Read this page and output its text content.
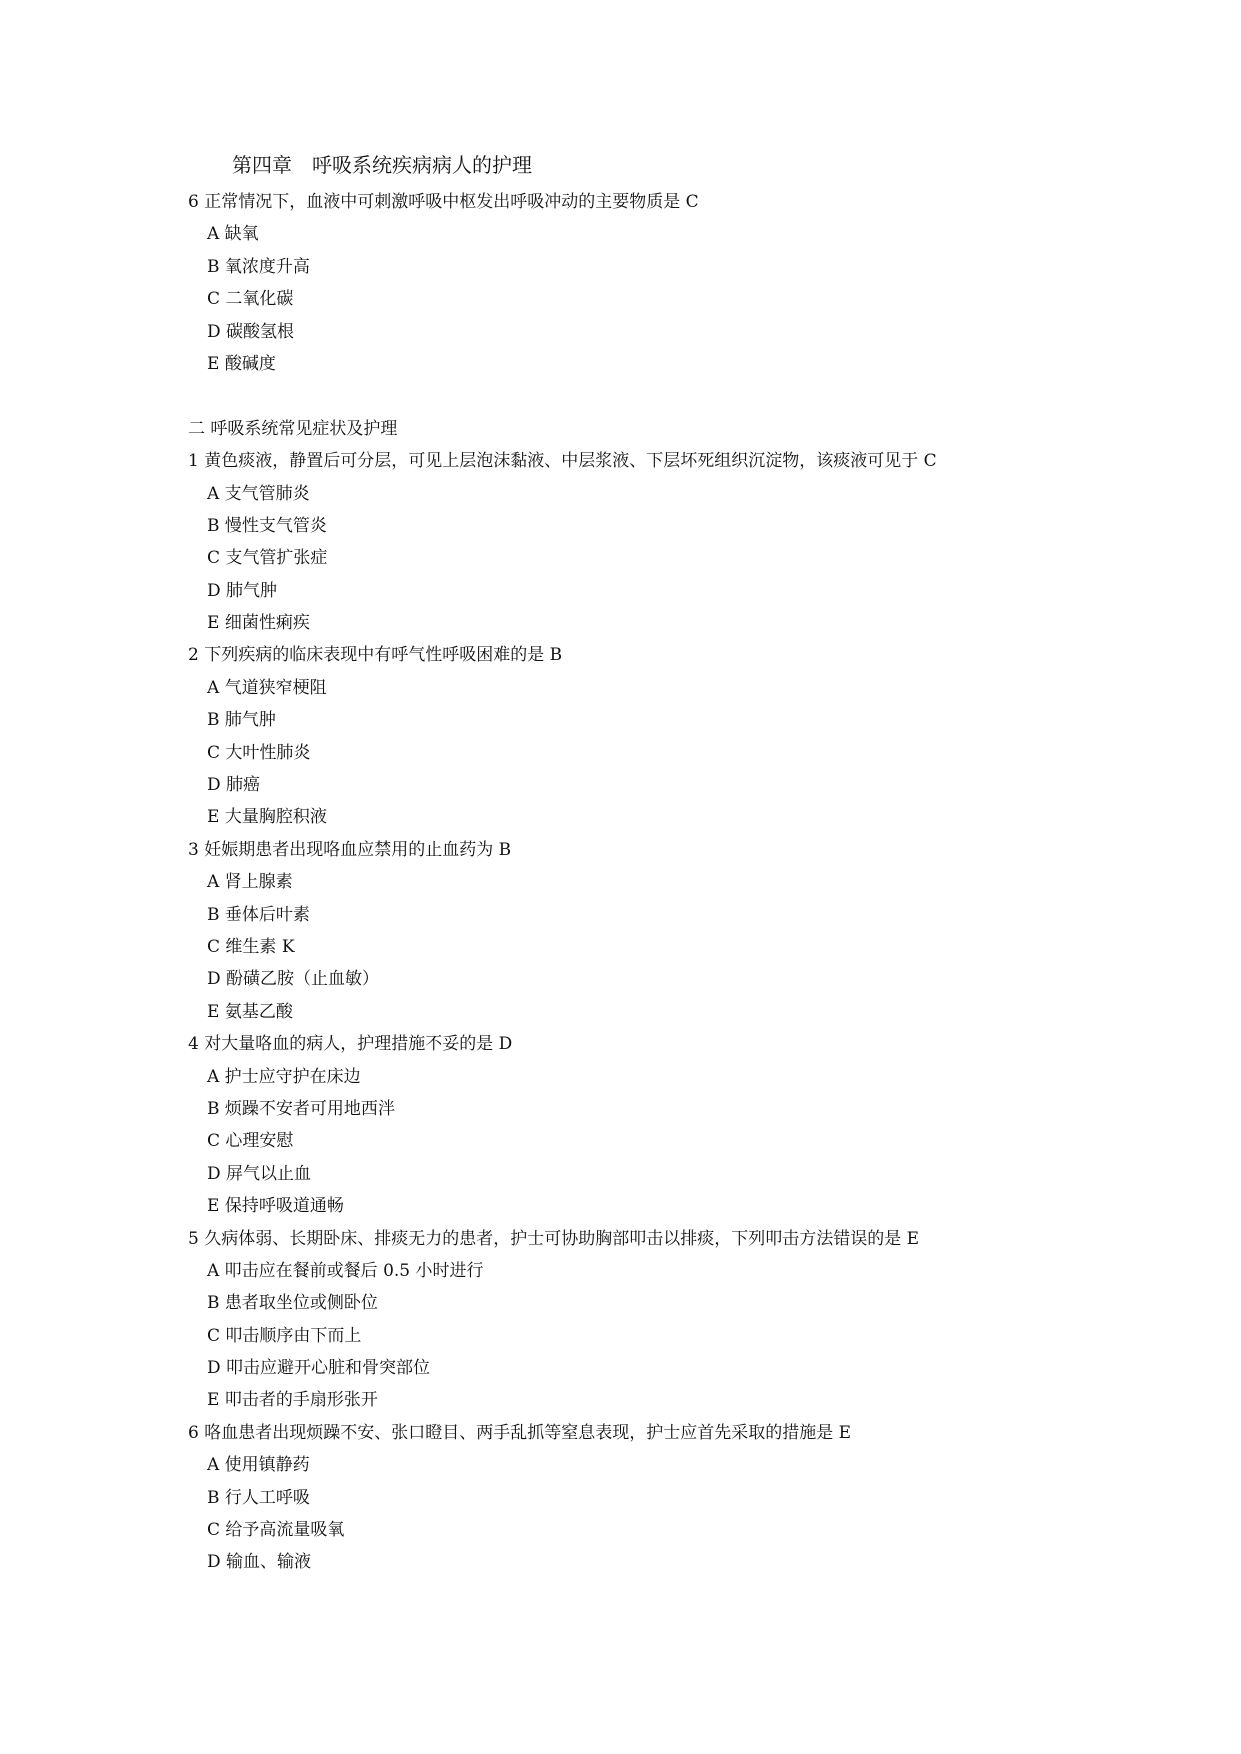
第四章　呼吸系统疾病病人的护理
6 正常情况下，血液中可刺激呼吸中枢发出呼吸冲动的主要物质是 C
A 缺氧
B 氧浓度升高
C 二氧化碳
D 碳酸氢根
E 酸碱度
二 呼吸系统常见症状及护理
1 黄色痰液，静置后可分层，可见上层泡沫黏液、中层浆液、下层坏死组织沉淀物，该痰液可见于 C
A 支气管肺炎
B 慢性支气管炎
C 支气管扩张症
D 肺气肿
E 细菌性痢疾
2 下列疾病的临床表现中有呼气性呼吸困难的是 B
A 气道狭窄梗阻
B 肺气肿
C 大叶性肺炎
D 肺癌
E 大量胸腔积液
3 妊娠期患者出现咯血应禁用的止血药为 B
A 肾上腺素
B 垂体后叶素
C 维生素 K
D 酚磺乙胺（止血敏）
E 氨基乙酸
4 对大量咯血的病人，护理措施不妥的是 D
A 护士应守护在床边
B 烦躁不安者可用地西泮
C 心理安慰
D 屏气以止血
E 保持呼吸道通畅
5 久病体弱、长期卧床、排痰无力的患者，护士可协助胸部叩击以排痰，下列叩击方法错误的是 E
A 叩击应在餐前或餐后 0.5 小时进行
B 患者取坐位或侧卧位
C 叩击顺序由下而上
D 叩击应避开心脏和骨突部位
E 叩击者的手扇形张开
6 咯血患者出现烦躁不安、张口瞪目、两手乱抓等窒息表现，护士应首先采取的措施是 E
A 使用镇静药
B 行人工呼吸
C 给予高流量吸氧
D 输血、输液
